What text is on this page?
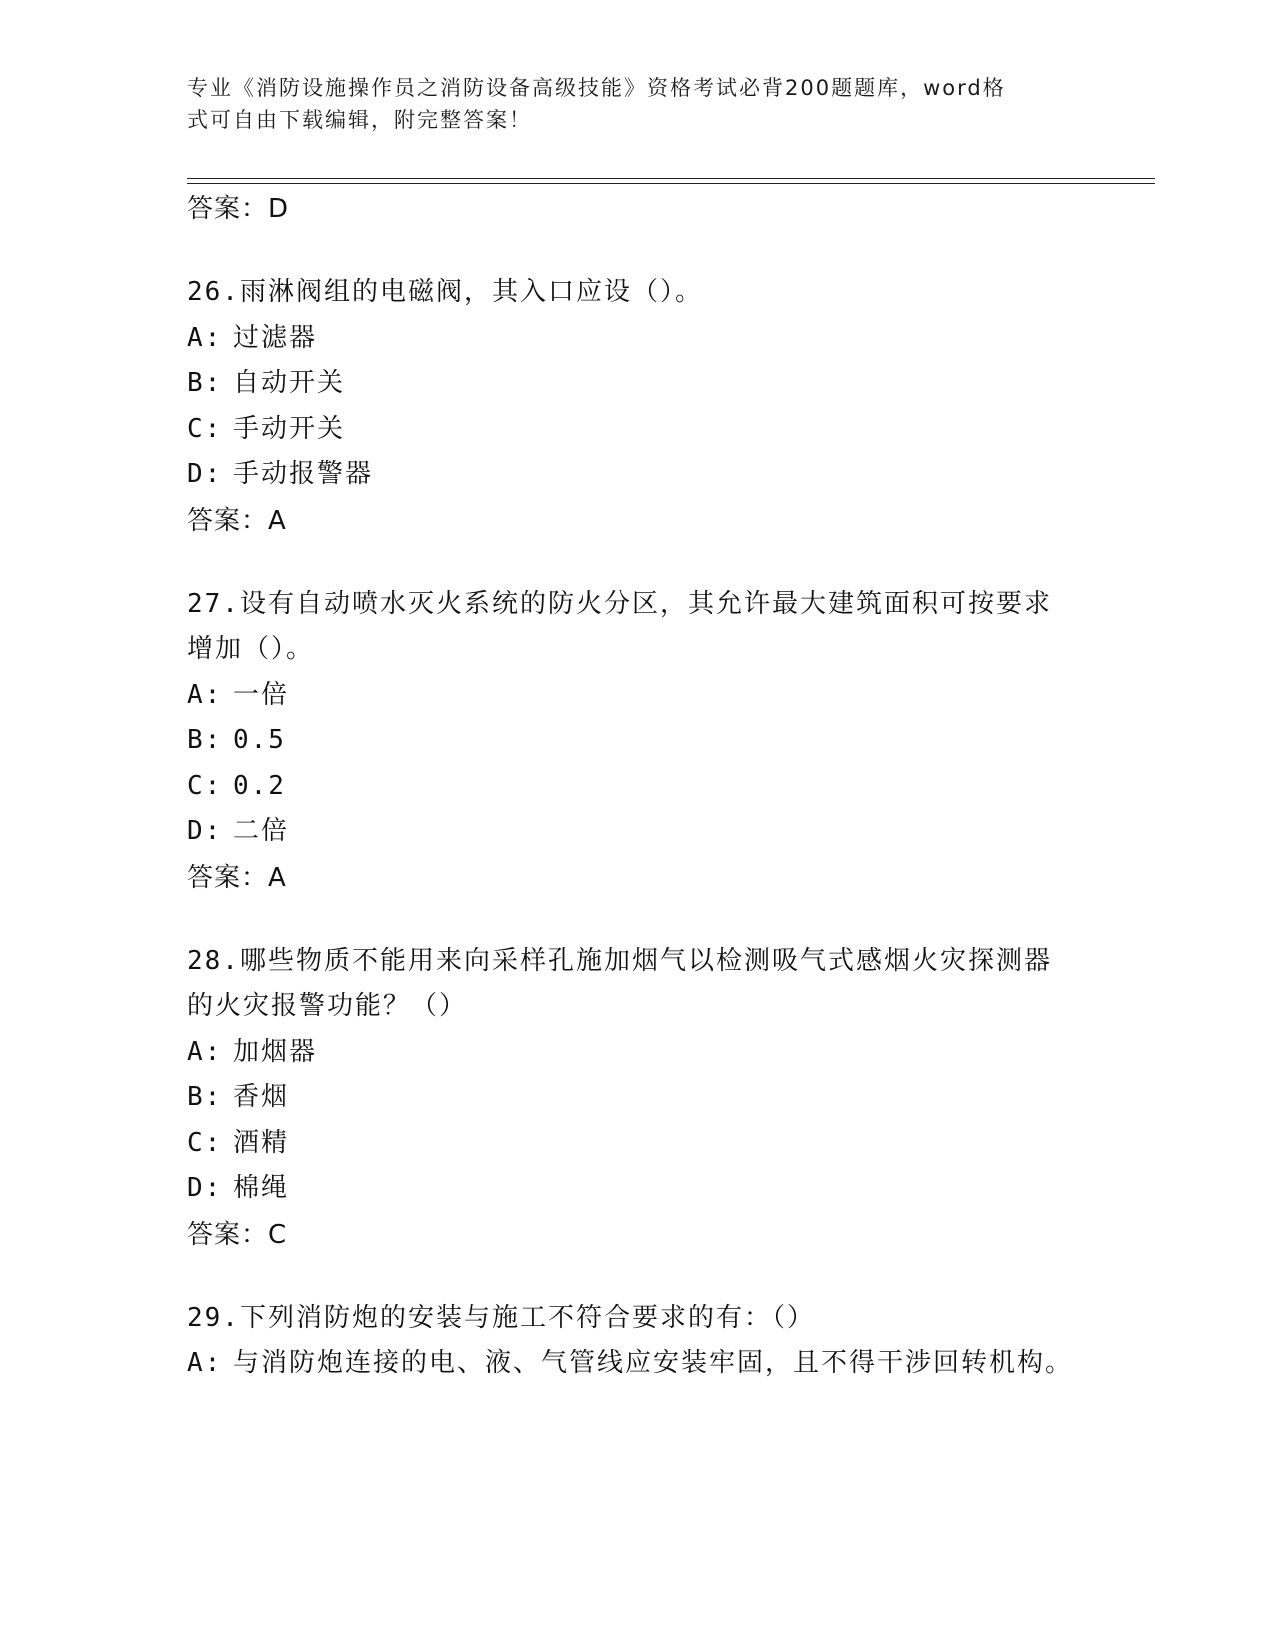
专业《消防设施操作员之消防设备高级技能》资格考试必背200题题库，word格
式可自由下载编辑，附完整答案！

答案：D

26.雨淋阀组的电磁阀，其入口应设（）。

A: 过滤器

B: 自动开关

C: 手动开关

D: 手动报警器

答案：A

27.设有自动喷水灭火系统的防火分区，其允许最大建筑面积可按要求增加（）。

A: 一倍

B: 0.5

C: 0.2

D: 二倍

答案：A

28.哪些物质不能用来向采样孔施加烟气以检测吸气式感烟火灾探测器的火灾报警功能？（）

A: 加烟器

B: 香烟

C: 酒精

D: 棉绳

答案：C

29.下列消防炮的安装与施工不符合要求的有：（）

A: 与消防炮连接的电、液、气管线应安装牢固，且不得干涉回转机构。
